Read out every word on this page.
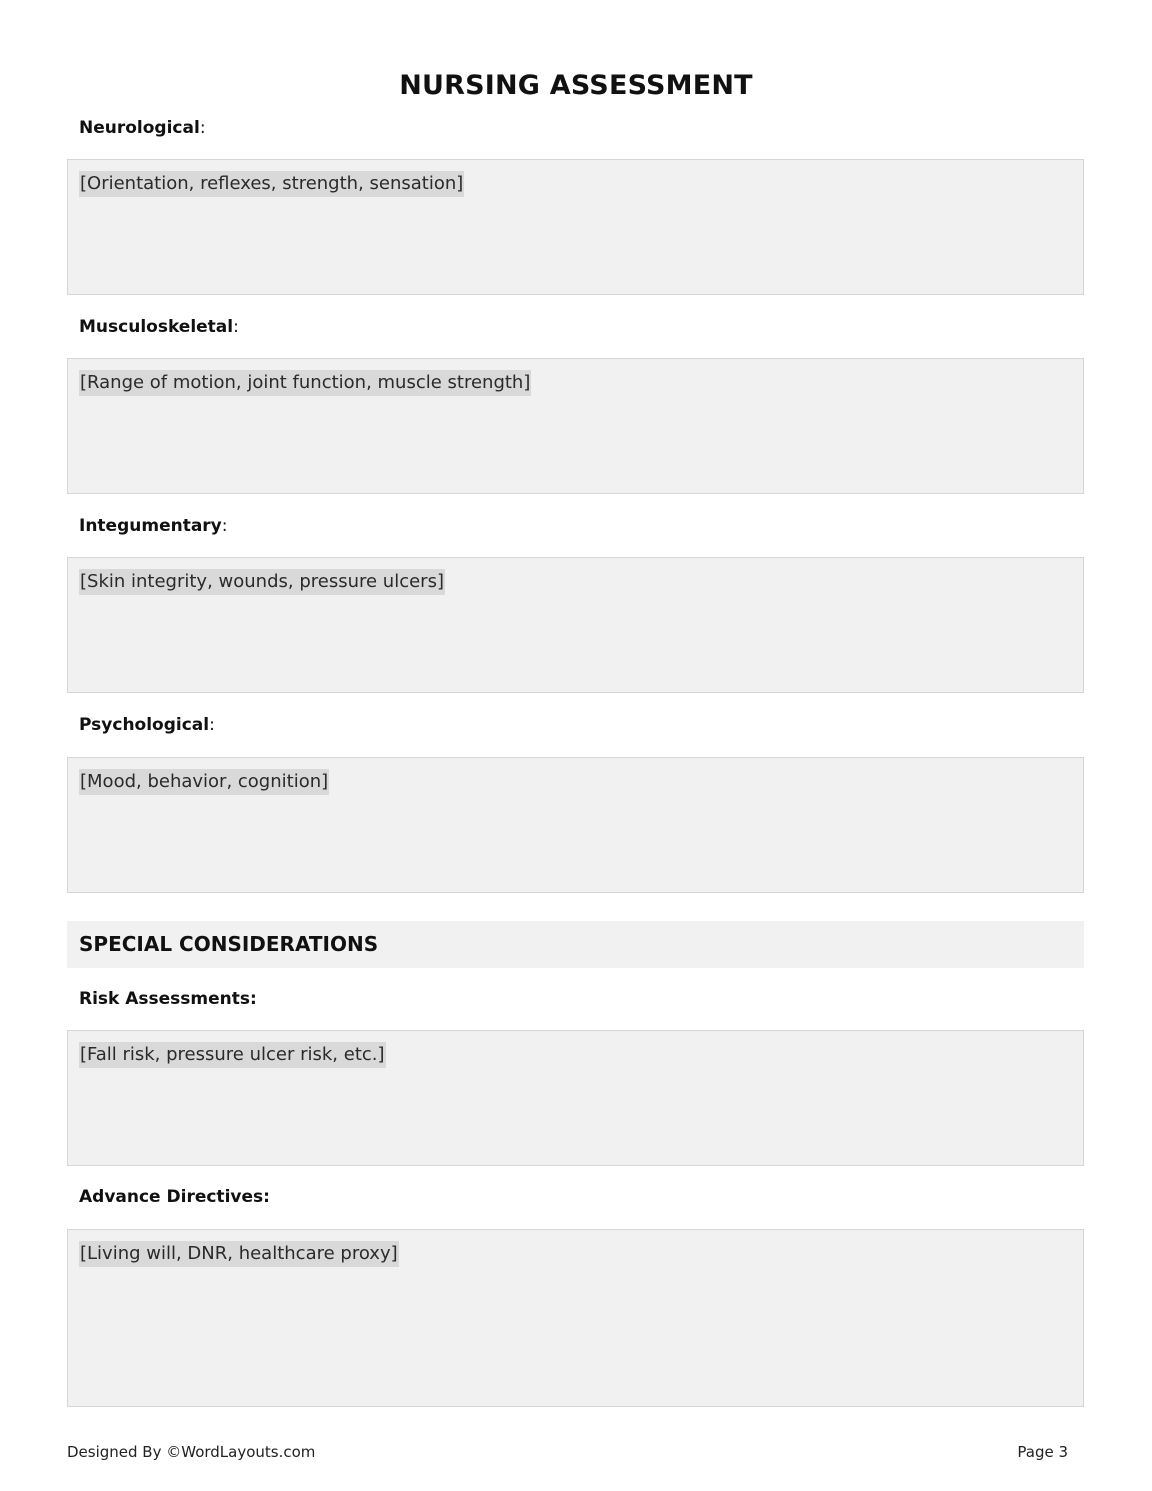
NURSING ASSESSMENT
Neurological:
[Orientation, reflexes, strength, sensation]
Musculoskeletal:
[Range of motion, joint function, muscle strength]
Integumentary:
[Skin integrity, wounds, pressure ulcers]
Psychological:
[Mood, behavior, cognition]
SPECIAL CONSIDERATIONS
Risk Assessments:
[Fall risk, pressure ulcer risk, etc.]
Advance Directives:
[Living will, DNR, healthcare proxy]
Designed By ©WordLayouts.com	Page 3
